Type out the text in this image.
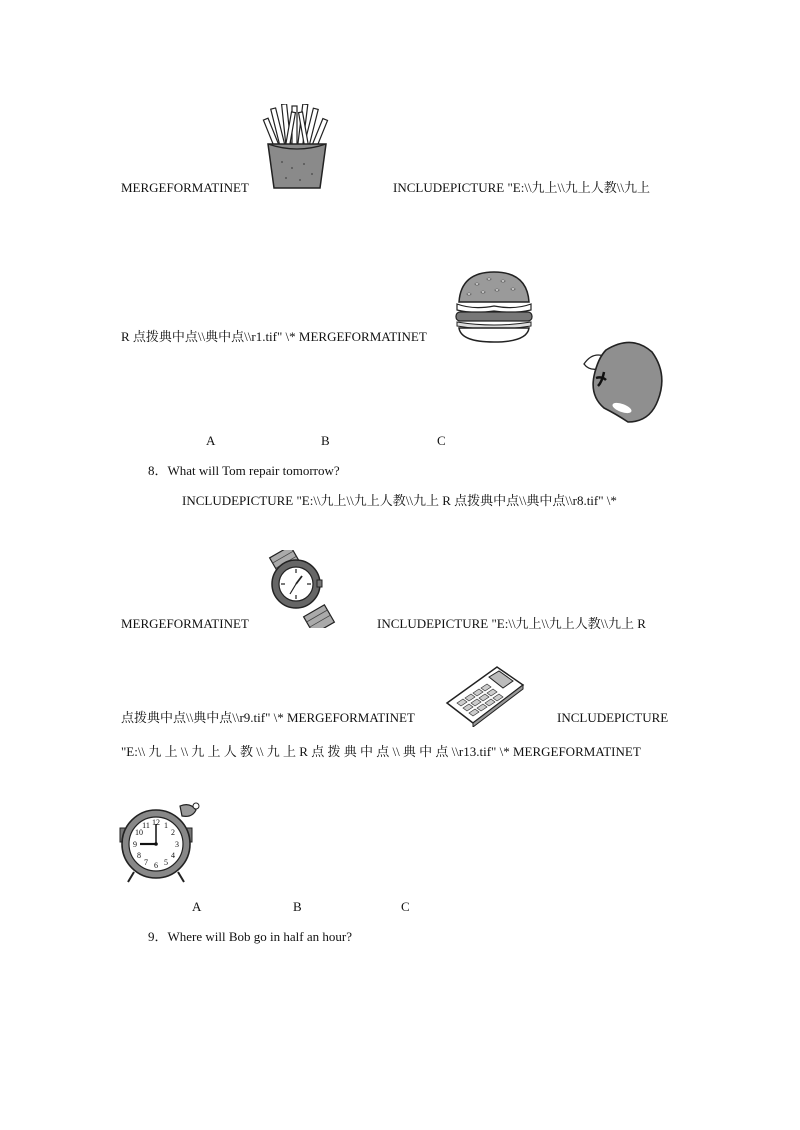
MERGEFORMATINET	INCLUDEPICTURE "E:\\九上\\九上人教\\九上
R 点拨典中点\\典中点\\r1.tif" \* MERGEFORMATINET
A	B	C
8．What will Tom repair tomorrow?
INCLUDEPICTURE "E:\\九上\\九上人教\\九上 R 点拨典中点\\典中点\\r8.tif" \*
MERGEFORMATINET	INCLUDEPICTURE "E:\\九上\\九上人教\\九上 R
点拨典中点\\典中点\\r9.tif" \* MERGEFORMATINET	INCLUDEPICTURE
"E:\\ 九 上 \\ 九 上 人 教 \\ 九 上 R 点 拨 典 中 点 \\ 典 中 点 \\r13.tif" \* MERGEFORMATINET
12 1
2
3
4
5
6
7
8
9
10
11
A	B	C
9．Where will Bob go in half an hour?
